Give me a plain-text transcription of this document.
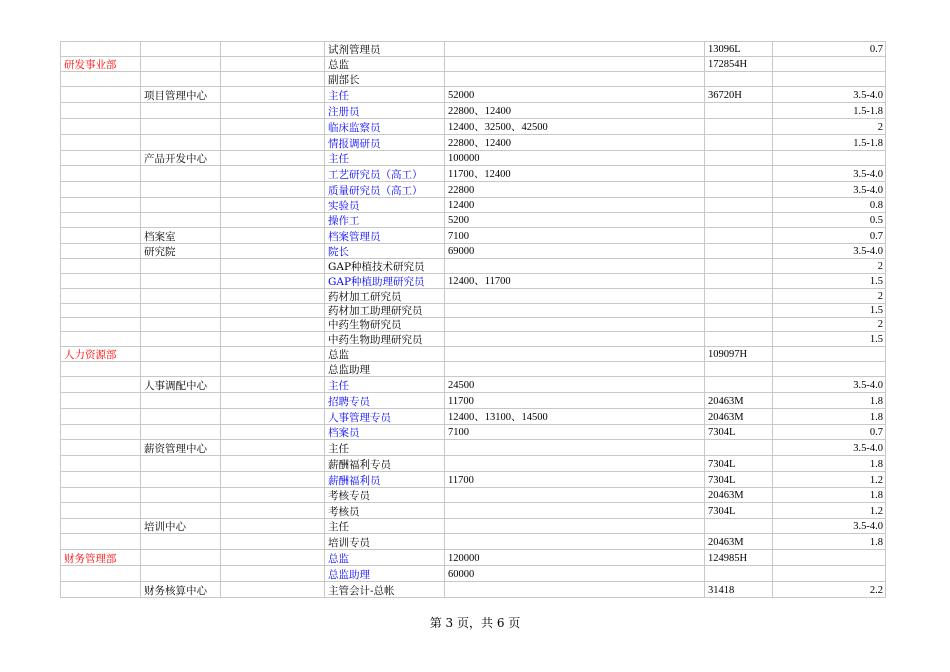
			试剂管理员		13096L	0.7
研发事业部			总监		172854H	
			副部长			
	项目管理中心		主任	52000	36720H	3.5-4.0
			注册员	22800、12400		1.5-1.8
			临床监察员	12400、32500、42500		2
			情报调研员	22800、12400		1.5-1.8
	产品开发中心		主任	100000		
			工艺研究员（高工）	11700、12400		3.5-4.0
			质量研究员（高工）	22800		3.5-4.0
			实验员	12400		0.8
			操作工	5200		0.5
	档案室		档案管理员	7100		0.7
	研究院		院长	69000		3.5-4.0
			GAP种植技术研究员			2
			GAP种植助理研究员	12400、11700		1.5
			药材加工研究员			2
			药材加工助理研究员			1.5
			中药生物研究员			2
			中药生物助理研究员			1.5
人力资源部			总监		109097H	
			总监助理			
	人事调配中心		主任	24500		3.5-4.0
			招聘专员	11700	20463M	1.8
			人事管理专员	12400、13100、14500	20463M	1.8
			档案员	7100	7304L	0.7
	薪资管理中心		主任			3.5-4.0
			薪酬福利专员		7304L	1.8
			薪酬福利员	11700	7304L	1.2
			考核专员		20463M	1.8
			考核员		7304L	1.2
	培训中心		主任			3.5-4.0
			培训专员		20463M	1.8
财务管理部			总监	120000	124985H	
			总监助理	60000		
	财务核算中心		主管会计-总帐		31418	2.2
第 3 页，共 6 页
